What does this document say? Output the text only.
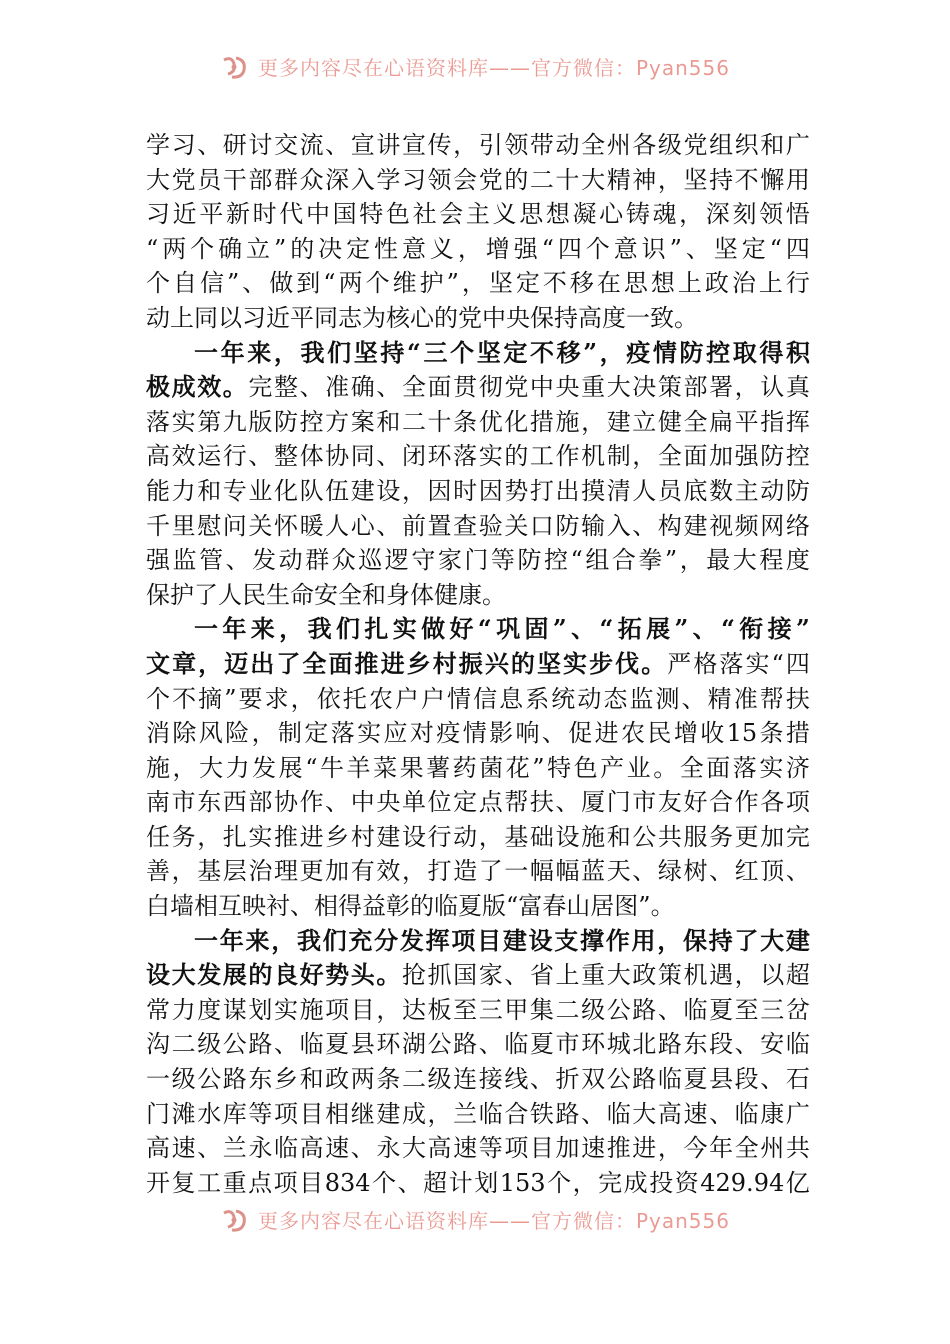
更多内容尽在心语资料库——官方微信：Pyan556
学 习 、 研 讨 交 流 、 宣 讲 宣 传 ， 引 领 带 动 全 州 各 级 党 组 织 和 广
大 党 员 干 部 群 众 深 入 学 习 领 会 党 的 二 十 大 精 神 ， 坚 持 不 懈 用
习 近 平 新 时 代 中 国 特 色 社 会 主 义 思 想 凝 心 铸 魂 ， 深 刻 领 悟
“ 两 个 确 立 ” 的 决 定 性 意 义 ， 增 强 “ 四 个 意 识 ” 、 坚 定 “ 四
个 自 信 ” 、 做 到 “ 两 个 维 护 ” ， 坚 定 不 移 在 思 想 上 政 治 上 行
动 上 同 以 习 近 平 同 志 为 核 心 的 党 中 央 保 持 高 度 一 致 。
一 年 来 ， 我 们 坚 持 “ 三 个 坚 定 不 移 ” ， 疫 情 防 控 取 得 积
极 成 效 。 完 整 、 准 确 、 全 面 贯 彻 党 中 央 重 大 决 策 部 署 ， 认 真
落 实 第 九 版 防 控 方 案 和 二 十 条 优 化 措 施 ， 建 立 健 全 扁 平 指 挥
高 效 运 行 、 整 体 协 同 、 闭 环 落 实 的 工 作 机 制 ， 全 面 加 强 防 控
能 力 和 专 业 化 队 伍 建 设 ， 因 时 因 势 打 出 摸 清 人 员 底 数 主 动 防
千 里 慰 问 关 怀 暖 人 心 、 前 置 查 验 关 口 防 输 入 、 构 建 视 频 网 络
强 监 管 、 发 动 群 众 巡 逻 守 家 门 等 防 控 “ 组 合 拳 ” ， 最 大 程 度
保 护 了 人 民 生 命 安 全 和 身 体 健 康 。
一 年 来 ， 我 们 扎 实 做 好 “ 巩 固 ” 、 “ 拓 展 ” 、 “ 衔 接 ”
文 章 ， 迈 出 了 全 面 推 进 乡 村 振 兴 的 坚 实 步 伐 。 严 格 落 实 “ 四
个 不 摘 ” 要 求 ， 依 托 农 户 户 情 信 息 系 统 动 态 监 测 、 精 准 帮 扶
消 除 风 险 ， 制 定 落 实 应 对 疫 情 影 响 、 促 进 农 民 增 收 15 条 措
施 ， 大 力 发 展 “ 牛 羊 菜 果 薯 药 菌 花 ” 特 色 产 业 。 全 面 落 实 济
南 市 东 西 部 协 作 、 中 央 单 位 定 点 帮 扶 、 厦 门 市 友 好 合 作 各 项
任 务 ， 扎 实 推 进 乡 村 建 设 行 动 ， 基 础 设 施 和 公 共 服 务 更 加 完
善 ， 基 层 治 理 更 加 有 效 ， 打 造 了 一 幅 幅 蓝 天 、 绿 树 、 红 顶 、
白 墙 相 互 映 衬 、 相 得 益 彰 的 临 夏 版 “ 富 春 山 居 图 ” 。
一 年 来 ， 我 们 充 分 发 挥 项 目 建 设 支 撑 作 用 ， 保 持 了 大 建
设 大 发 展 的 良 好 势 头 。 抢 抓 国 家 、 省 上 重 大 政 策 机 遇 ， 以 超
常 力 度 谋 划 实 施 项 目 ， 达 板 至 三 甲 集 二 级 公 路 、 临 夏 至 三 岔
沟 二 级 公 路 、 临 夏 县 环 湖 公 路 、 临 夏 市 环 城 北 路 东 段 、 安 临
一 级 公 路 东 乡 和 政 两 条 二 级 连 接 线 、 折 双 公 路 临 夏 县 段 、 石
门 滩 水 库 等 项 目 相 继 建 成 ， 兰 临 合 铁 路 、 临 大 高 速 、 临 康 广
高 速 、 兰 永 临 高 速 、 永 大 高 速 等 项 目 加 速 推 进 ， 今 年 全 州 共
开 复 工 重 点 项 目 834 个 、 超 计 划 153 个 ， 完 成 投 资 429.94 亿
更多内容尽在心语资料库——官方微信：Pyan556
